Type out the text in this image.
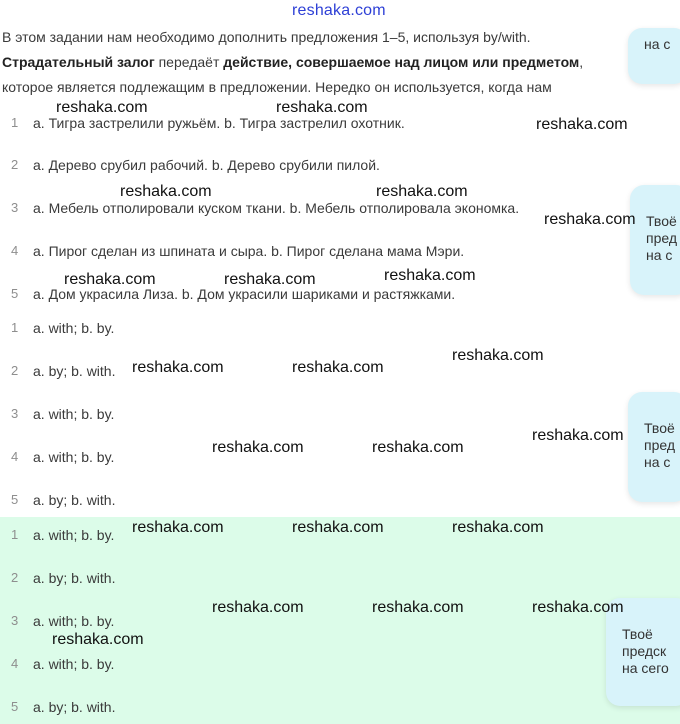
reshaka.com
В этом задании нам необходимо дополнить предложения 1–5, используя by/with.
Страдательный залог передаёт действие, совершаемое над лицом или предметом,
которое является подлежащим в предложении. Нередко он используется, когда нам
1	a. Тигра застрелили ружьём. b. Тигра застрелил охотник.
2	a. Дерево срубил рабочий. b. Дерево срубили пилой.
3	a. Мебель отполировали куском ткани. b. Мебель отполировала экономка.
4	a. Пирог сделан из шпината и сыра. b. Пирог сделана мама Мэри.
5	a. Дом украсила Лиза. b. Дом украсили шариками и растяжками.
1	a. with; b. by.
2	a. by; b. with.
3	a. with; b. by.
4	a. with; b. by.
5	a. by; b. with.
1	a. with; b. by.
2	a. by; b. with.
3	a. with; b. by.
4	a. with; b. by.
5	a. by; b. with.
на с
Твоё
пред
на с
Твоё
пред
на с
Твоё
предск
на сего
reshaka.com	reshaka.com
reshaka.com
reshaka.com	reshaka.com
reshaka.com
reshaka.com	reshaka.com	reshaka.com
reshaka.com
reshaka.com	reshaka.com
reshaka.com
reshaka.com	reshaka.com
reshaka.com	reshaka.com	reshaka.com
reshaka.com	reshaka.com	reshaka.com
reshaka.com
